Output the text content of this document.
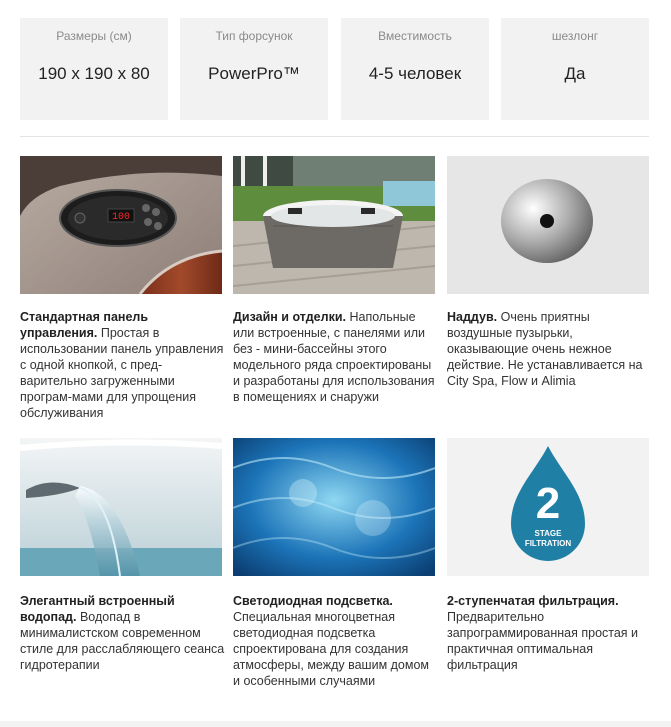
Размеры (см)
190 x 190 x 80
Тип форсунок
PowerPro™
Вместимость
4-5 человек
шезлонг
Да
100
Стандартная панель управления. Простая в использовании панель управления с одной кнопкой, с пред-варительно загруженными програм-мами для упрощения обслуживания
Дизайн и отделки. Напольные или встроенные, с панелями или без - мини-бассейны этого модельного ряда спроектированы и разработаны для использования в помещениях и снаружи
Наддув. Очень приятны воздушные пузырьки, оказывающие очень нежное действие. Не устанавливается на City Spa, Flow и Alimia
Элегантный встроенный водопад. Водопад в минималистском современном стиле для расслабляющего сеанса гидротерапии
Светодиодная подсветка. Специальная многоцветная светодиодная подсветка спроектирована для создания атмосферы, между вашим домом и особенными случаями
2
STAGE
FILTRATION
2-ступенчатая фильтрация. Предварительно запрограммированная простая и практичная оптимальная фильтрация
